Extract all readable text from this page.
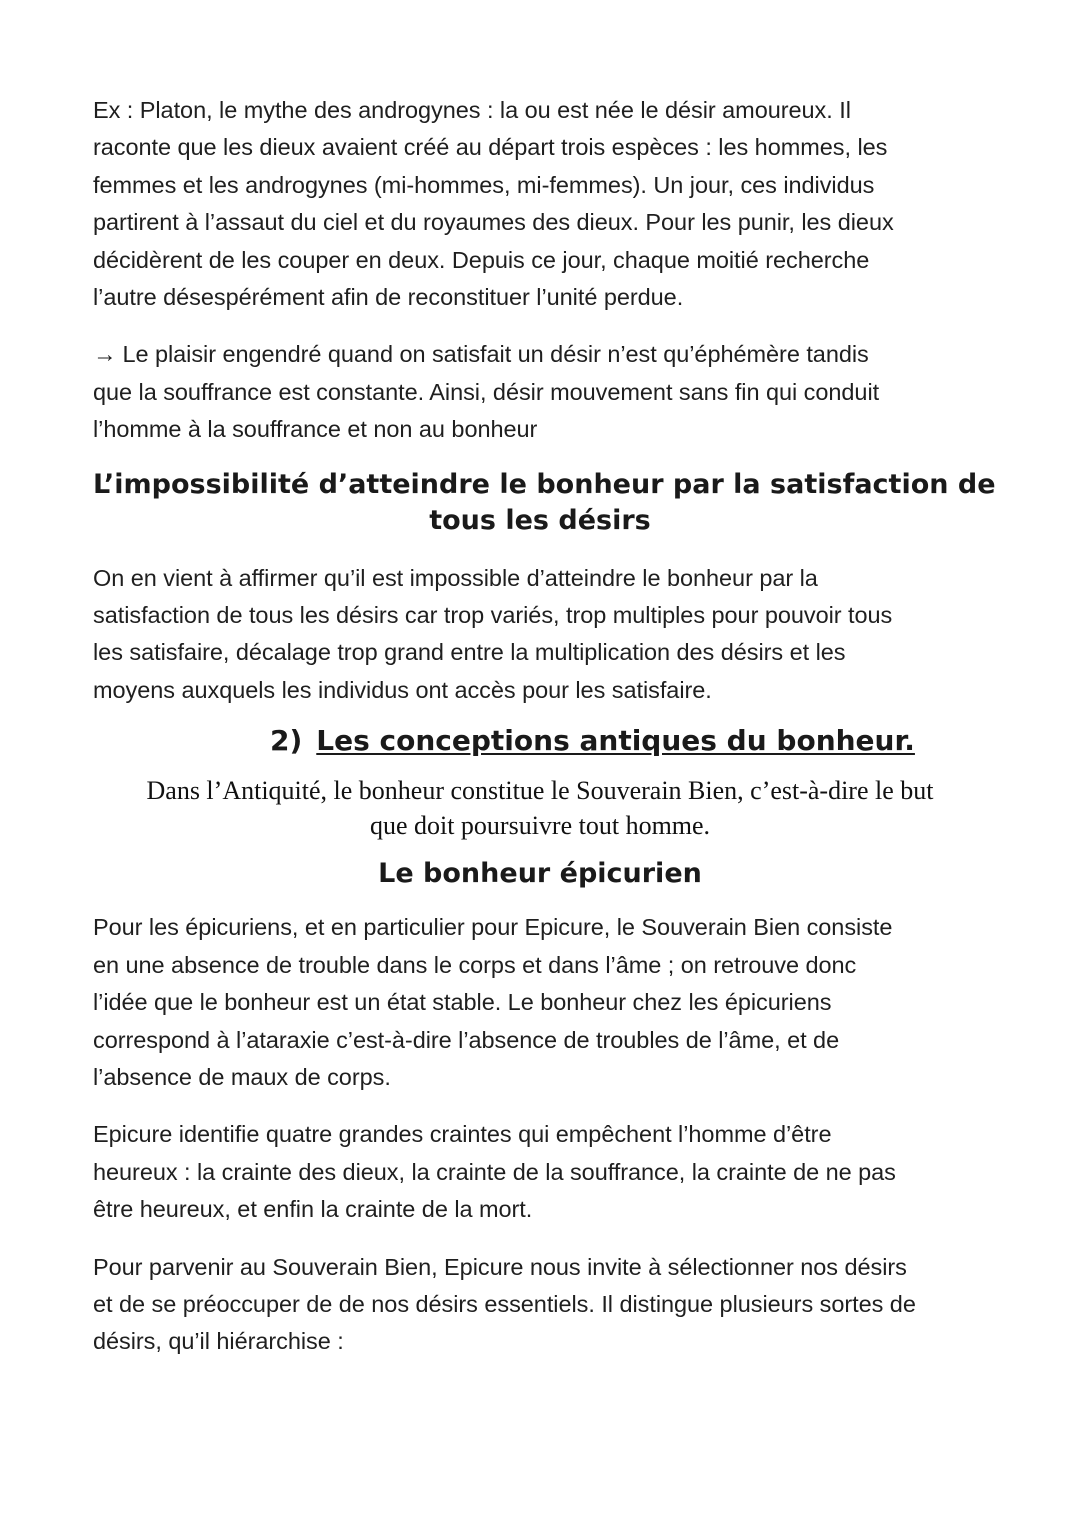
Ex : Platon, le mythe des androgynes : la ou est née le désir amoureux. Il
raconte que les dieux avaient créé au départ trois espèces : les hommes, les
femmes et les androgynes (mi-hommes, mi-femmes). Un jour, ces individus
partirent à l’assaut du ciel et du royaumes des dieux. Pour les punir, les dieux
décidèrent de les couper en deux. Depuis ce jour, chaque moitié recherche
l’autre désespérément afin de reconstituer l’unité perdue.

→ Le plaisir engendré quand on satisfait un désir n’est qu’éphémère tandis
que la souffrance est constante. Ainsi, désir mouvement sans fin qui conduit
l’homme à la souffrance et non au bonheur

L’impossibilité d’atteindre le bonheur par la satisfaction de
tous les désirs

On en vient à affirmer qu’il est impossible d’atteindre le bonheur par la
satisfaction de tous les désirs car trop variés, trop multiples pour pouvoir tous
les satisfaire, décalage trop grand entre la multiplication des désirs et les
moyens auxquels les individus ont accès pour les satisfaire.

2) Les conceptions antiques du bonheur.

Dans l’Antiquité, le bonheur constitue le Souverain Bien, c’est-à-dire le but
que doit poursuivre tout homme.

Le bonheur épicurien

Pour les épicuriens, et en particulier pour Epicure, le Souverain Bien consiste
en une absence de trouble dans le corps et dans l’âme ; on retrouve donc
l’idée que le bonheur est un état stable. Le bonheur chez les épicuriens
correspond à l’ataraxie c’est-à-dire l’absence de troubles de l’âme, et de
l’absence de maux de corps.

Epicure identifie quatre grandes craintes qui empêchent l’homme d’être
heureux : la crainte des dieux, la crainte de la souffrance, la crainte de ne pas
être heureux, et enfin la crainte de la mort.

Pour parvenir au Souverain Bien, Epicure nous invite à sélectionner nos désirs
et de se préoccuper de de nos désirs essentiels. Il distingue plusieurs sortes de
désirs, qu’il hiérarchise :
